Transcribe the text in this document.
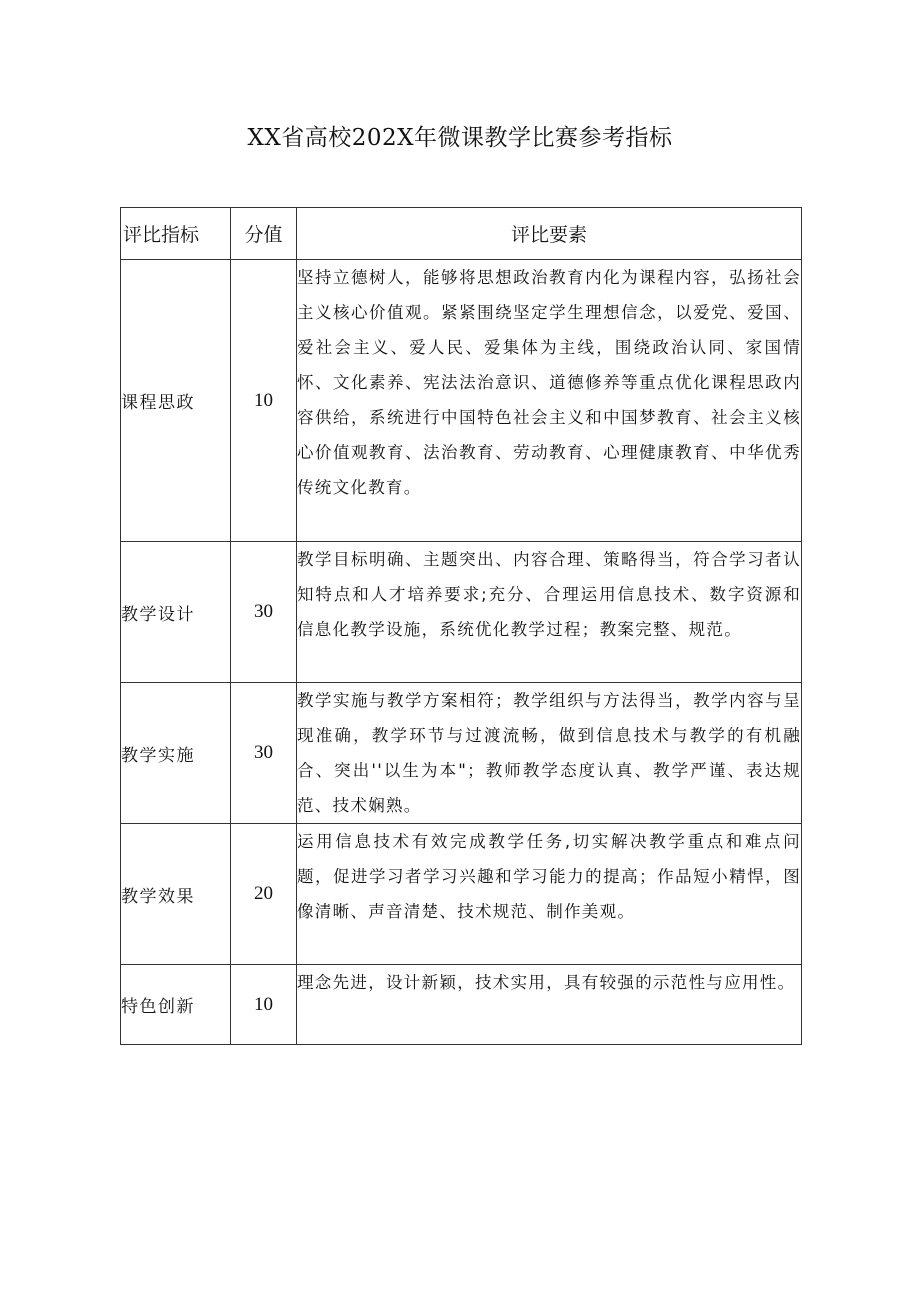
XX省高校202X年微课教学比赛参考指标
评比指标	分值	评比要素
课程思政	10	坚持立德树人，能够将思想政治教育内化为课程内容，弘扬社会主义核心价值观。紧紧围绕坚定学生理想信念，以爱党、爱国、爱社会主义、爱人民、爱集体为主线，围绕政治认同、家国情怀、文化素养、宪法法治意识、道德修养等重点优化课程思政内容供给，系统进行中国特色社会主义和中国梦教育、社会主义核心价值观教育、法治教育、劳动教育、心理健康教育、中华优秀传统文化教育。
教学设计	30	教学目标明确、主题突出、内容合理、策略得当，符合学习者认知特点和人才培养要求;充分、合理运用信息技术、数字资源和信息化教学设施，系统优化教学过程；教案完整、规范。
教学实施	30	教学实施与教学方案相符；教学组织与方法得当，教学内容与呈现准确，教学环节与过渡流畅，做到信息技术与教学的有机融合、突出''以生为本"；教师教学态度认真、教学严谨、表达规范、技术娴熟。
教学效果	20	运用信息技术有效完成教学任务,切实解决教学重点和难点问题，促进学习者学习兴趣和学习能力的提高；作品短小精悍，图像清晰、声音清楚、技术规范、制作美观。
特色创新	10	理念先进，设计新颖，技术实用，具有较强的示范性与应用性。
